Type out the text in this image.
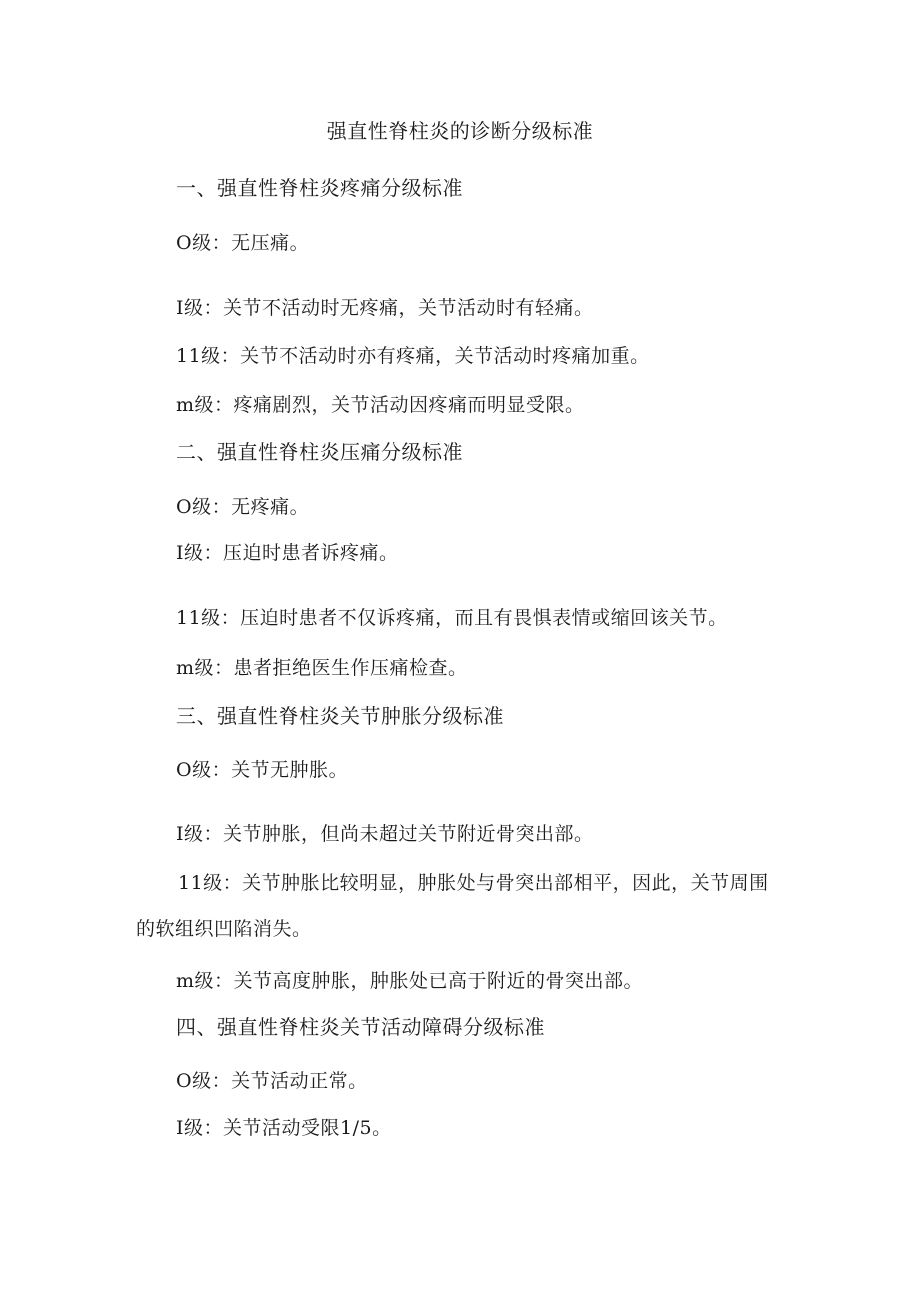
强直性脊柱炎的诊断分级标准
一、强直性脊柱炎疼痛分级标准
O级：无压痛。
I级：关节不活动时无疼痛，关节活动时有轻痛。
11级：关节不活动时亦有疼痛，关节活动时疼痛加重。
m级：疼痛剧烈，关节活动因疼痛而明显受限。
二、强直性脊柱炎压痛分级标准
O级：无疼痛。
I级：压迫时患者诉疼痛。
11级：压迫时患者不仅诉疼痛，而且有畏惧表情或缩回该关节。
m级：患者拒绝医生作压痛检查。
三、强直性脊柱炎关节肿胀分级标准
O级：关节无肿胀。
I级：关节肿胀，但尚未超过关节附近骨突出部。
11级：关节肿胀比较明显，肿胀处与骨突出部相平，因此，关节周围
的软组织凹陷消失。
m级：关节高度肿胀，肿胀处已高于附近的骨突出部。
四、强直性脊柱炎关节活动障碍分级标准
O级：关节活动正常。
I级：关节活动受限1/5。
